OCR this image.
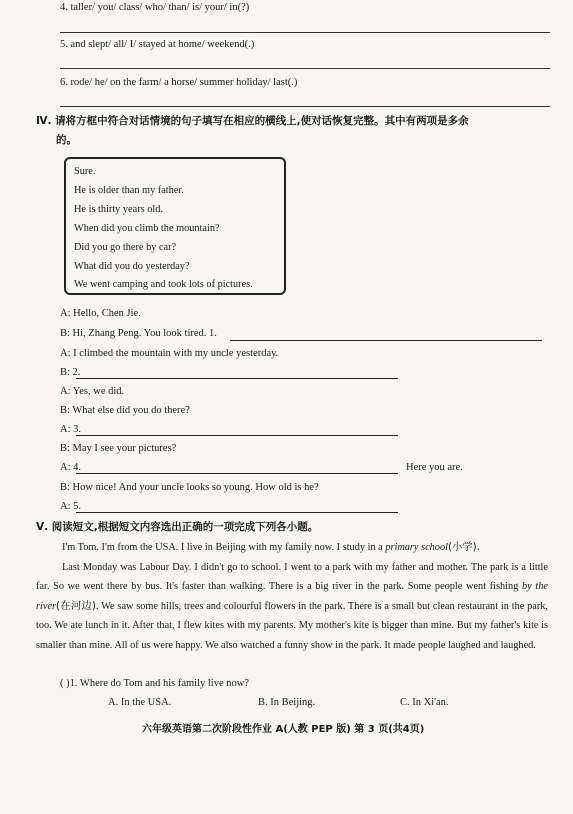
4. taller/ you/ class/ who/ than/ is/ your/ in(?)
5. and slept/ all/ I/ stayed at home/ weekend(.)
6. rode/ he/ on the farm/ a horse/ summer holiday/ last(.)
Ⅳ. 请将方框中符合对话情境的句子填写在相应的横线上,使对话恢复完整。其中有两项是多余
的。
Sure.
He is older than my father.
He is thirty years old.
When did you climb the mountain?
Did you go there by car?
What did you do yesterday?
We went camping and took lots of pictures.
A: Hello, Chen Jie.
B: Hi, Zhang Peng. You look tired. 1.
A: I climbed the mountain with my uncle yesterday.
B: 2.
A: Yes, we did.
B: What else did you do there?
A: 3.
B: May I see your pictures?
A: 4.	Here you are.
B: How nice! And your uncle looks so young. How old is he?
A: 5.
Ⅴ. 阅读短文,根据短文内容选出正确的一项完成下列各小题。

I'm Tom. I'm from the USA. I live in Beijing with my family now. I study in a primary school(小学).

Last Monday was Labour Day. I didn't go to school. I went to a park with my father and mother. The park is a little far. So we went there by bus. It's faster than walking. There is a big river in the park. Some people went fishing by the river(在河边). We saw some hills, trees and colourful flowers in the park. There is a small but clean restaurant in the park, too. We ate lunch in it. After that, I flew kites with my parents. My mother's kite is bigger than mine. But my father's kite is smaller than mine. All of us were happy. We also watched a funny show in the park. It made people laughed and laughed.

( )1. Where do Tom and his family live now?
A. In the USA.	B. In Beijing.	C. In Xi'an.
六年级英语第二次阶段性作业 A(人教 PEP 版) 第 3 页(共4页)
